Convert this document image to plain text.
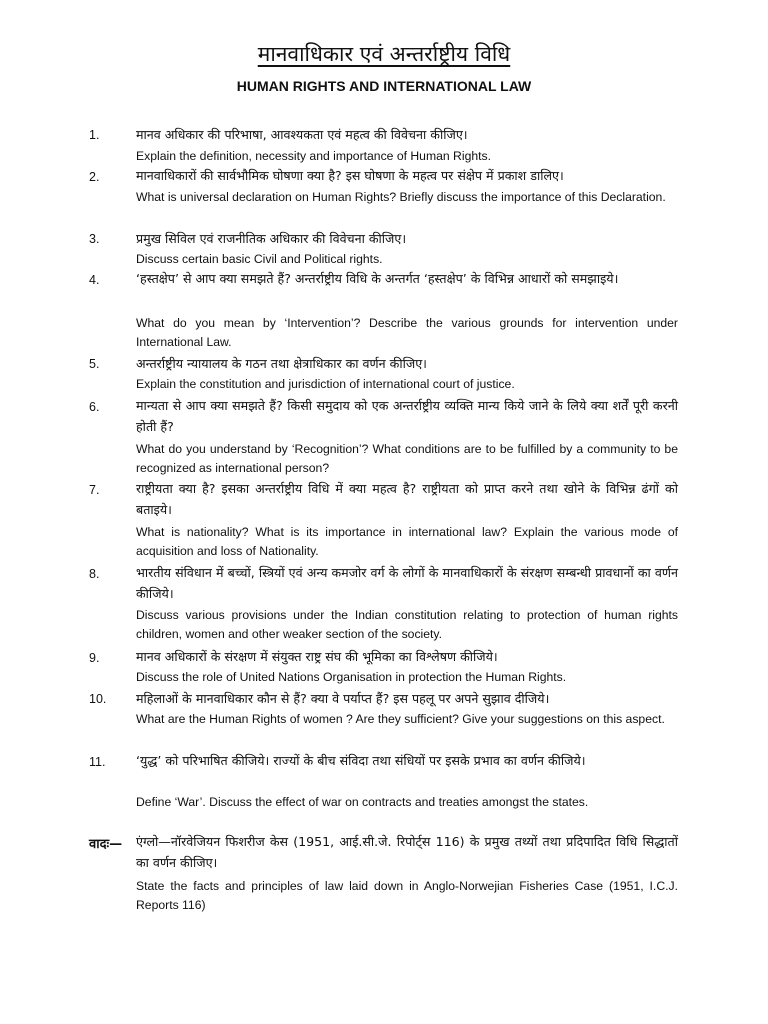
मानवाधिकार एवं अन्तर्राष्ट्रीय विधि
HUMAN RIGHTS AND INTERNATIONAL LAW
1.	मानव अधिकार की परिभाषा, आवश्यकता एवं महत्व की विवेचना कीजिए।
Explain the definition, necessity and importance of Human Rights.
2.	मानवाधिकारों की सार्वभौमिक घोषणा क्या है? इस घोषणा के महत्व पर संक्षेप में प्रकाश डालिए।
What is universal declaration on Human Rights? Briefly discuss the importance of this Declaration.
3.	प्रमुख सिविल एवं राजनीतिक अधिकार की विवेचना कीजिए।
Discuss certain basic Civil and Political rights.
4.	‘हस्तक्षेप’ से आप क्या समझते हैं? अन्तर्राष्ट्रीय विधि के अन्तर्गत ‘हस्तक्षेप’ के विभिन्न आधारों को समझाइये।
What do you mean by ‘Intervention’? Describe the various grounds for intervention under International Law.
5.	अन्तर्राष्ट्रीय न्यायालय के गठन तथा क्षेत्राधिकार का वर्णन कीजिए।
Explain the constitution and jurisdiction of international court of justice.
6.	मान्यता से आप क्या समझते हैं? किसी समुदाय को एक अन्तर्राष्ट्रीय व्यक्ति मान्य किये जाने के लिये क्या शर्तें पूरी करनी होती हैं?
What do you understand by ‘Recognition’? What conditions are to be fulfilled by a community to be recognized as international person?
7.	राष्ट्रीयता क्या है? इसका अन्तर्राष्ट्रीय विधि में क्या महत्व है? राष्ट्रीयता को प्राप्त करने तथा खोने के विभिन्न ढंगों को बताइये।
What is nationality? What is its importance in international law? Explain the various mode of acquisition and loss of Nationality.
8.	भारतीय संविधान में बच्चों, स्त्रियों एवं अन्य कमजोर वर्ग के लोगों के मानवाधिकारों के संरक्षण सम्बन्धी प्रावधानों का वर्णन कीजिये।
Discuss various provisions under the Indian constitution relating to protection of human rights children, women and other weaker section of the society.
9.	मानव अधिकारों के संरक्षण में संयुक्त राष्ट्र संघ की भूमिका का विश्लेषण कीजिये।
Discuss the role of United Nations Organisation in protection the Human Rights.
10. महिलाओं के मानवाधिकार कौन से हैं? क्या वे पर्याप्त हैं? इस पहलू पर अपने सुझाव दीजिये।
What are the Human Rights of women ? Are they sufficient? Give your suggestions on this aspect.
11. ‘युद्ध’ को परिभाषित कीजिये। राज्यों के बीच संविदा तथा संधियों पर इसके प्रभाव का वर्णन कीजिये।
Define ‘War’. Discuss the effect of war on contracts and treaties amongst the states.
वादः— एंग्लो—नॉरवेजियन फिशरीज केस (1951, आई.सी.जे. रिपोर्ट्स 116) के प्रमुख तथ्यों तथा प्रदिपादित विधि सिद्धातों का वर्णन कीजिए।
State the facts and principles of law laid down in Anglo-Norwejian Fisheries Case (1951, I.C.J. Reports 116)
